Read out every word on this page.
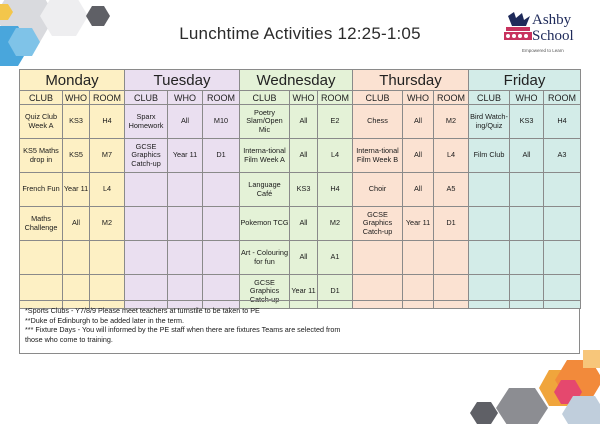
Lunchtime Activities 12:25-1:05
Ashby
School
Empowered to Learn
Monday			Tuesday			Wednesday			Thursday			Friday		
CLUB	WHO	ROOM	CLUB	WHO	ROOM	CLUB	WHO	ROOM	CLUB	WHO	ROOM	CLUB	WHO	ROOM
Quiz Club Week A	KS3	H4	Sparx Homework	All	M10	Poetry Slam/Open Mic	All	E2	Chess	All	M2	Bird Watch-ing/Quiz	KS3	H4
KS5 Maths drop in	KS5	M7	GCSE Graphics Catch-up	Year 11	D1	Interna-tional Film Week A	All	L4	Interna-tional Film Week B	All	L4	Film Club	All	A3
French Fun	Year 11	L4				Language Café	KS3	H4	Choir	All	A5			
Maths Challenge	All	M2				Pokemon TCG	All	M2	GCSE Graphics Catch-up	Year 11	D1			
						Art - Colouring for fun	All	A1						
						GCSE Graphics Catch-up	Year 11	D1						
*Sports Clubs - Y7/8/9 Please meet teachers at turnstile to be taken to PE
**Duke of Edinburgh to be added later in the term.
*** Fixture Days - You will informed by the PE staff when there are fixtures Teams are selected from
those who come to training.
